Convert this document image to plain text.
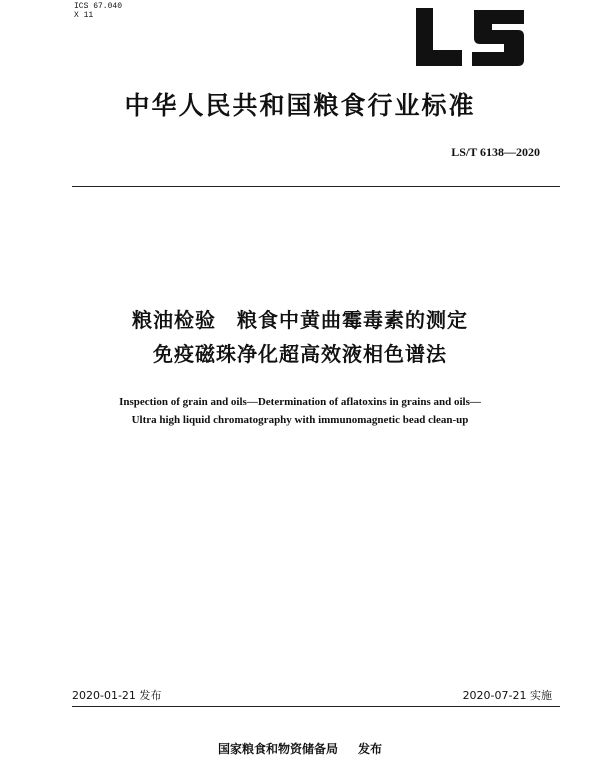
ICS 67.040
X 11
中华人民共和国粮食行业标准
LS/T 6138—2020
粮油检验　粮食中黄曲霉毒素的测定
免疫磁珠净化超高效液相色谱法
Inspection of grain and oils—Determination of aflatoxins in grains and oils—
Ultra high liquid chromatography with immunomagnetic bead clean-up
2020-01-21 发布	2020-07-21 实施
国家粮食和物资储备局 发布
